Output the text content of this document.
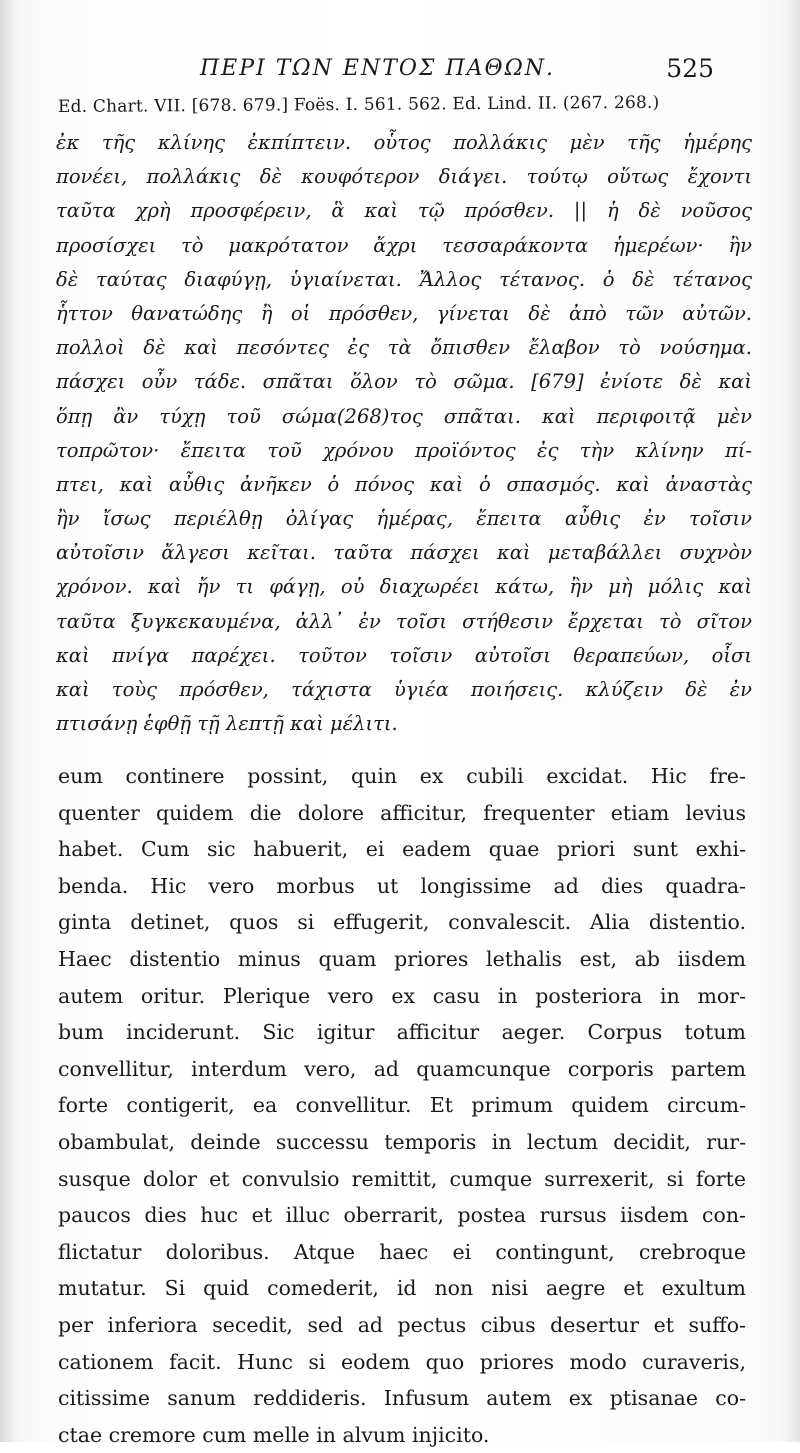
ΠΕΡΙ ΤΩΝ ΕΝΤΟΣ ΠΑΘΩΝ.	525
Ed. Chart. VII. [678. 679.] Foës. I. 561. 562. Ed. Lind. II. (267. 268.)
ἐκ τῆς κλίνης ἐκπίπτειν. οὗτος πολλάκις μὲν τῆς ἡμέρης
πονέει, πολλάκις δὲ κουφότερον διάγει. τούτῳ οὕτως ἔχοντι
ταῦτα χρὴ προσφέρειν, ἃ καὶ τῷ πρόσθεν. || ἡ δὲ νοῦσος
προσίσχει τὸ μακρότατον ἄχρι τεσσαράκοντα ἡμερέων· ἢν
δὲ ταύτας διαφύγῃ, ὑγιαίνεται. Ἄλλος τέτανος. ὁ δὲ τέτανος
ἧττον θανατώδης ἢ οἱ πρόσθεν, γίνεται δὲ ἀπὸ τῶν αὐτῶν.
πολλοὶ δὲ καὶ πεσόντες ἐς τὰ ὄπισθεν ἔλαβον τὸ νούσημα.
πάσχει οὖν τάδε. σπᾶται ὅλον τὸ σῶμα. [679] ἐνίοτε δὲ καὶ
ὅπῃ ἂν τύχῃ τοῦ σώμα(268)τος σπᾶται. καὶ περιφοιτᾷ μὲν
τοπρῶτον· ἔπειτα τοῦ χρόνου προϊόντος ἐς τὴν κλίνην πί-
πτει, καὶ αὖθις ἀνῆκεν ὁ πόνος καὶ ὁ σπασμός. καὶ ἀναστὰς
ἢν ἴσως περιέλθῃ ὀλίγας ἡμέρας, ἔπειτα αὖθις ἐν τοῖσιν
αὐτοῖσιν ἄλγεσι κεῖται. ταῦτα πάσχει καὶ μεταβάλλει συχνὸν
χρόνον. καὶ ἤν τι φάγῃ, οὐ διαχωρέει κάτω, ἢν μὴ μόλις καὶ
ταῦτα ξυγκεκαυμένα, ἀλλ᾽ ἐν τοῖσι στήθεσιν ἔρχεται τὸ σῖτον
καὶ πνίγα παρέχει. τοῦτον τοῖσιν αὐτοῖσι θεραπεύων, οἷσι
καὶ τοὺς πρόσθεν, τάχιστα ὑγιέα ποιήσεις. κλύζειν δὲ ἐν
πτισάνῃ ἑφθῇ τῇ λεπτῇ καὶ μέλιτι.
eum continere possint, quin ex cubili excidat. Hic fre-
quenter quidem die dolore afficitur, frequenter etiam levius
habet. Cum sic habuerit, ei eadem quae priori sunt exhi-
benda. Hic vero morbus ut longissime ad dies quadra-
ginta detinet, quos si effugerit, convalescit. Alia distentio.
Haec distentio minus quam priores lethalis est, ab iisdem
autem oritur. Plerique vero ex casu in posteriora in mor-
bum inciderunt. Sic igitur afficitur aeger. Corpus totum
convellitur, interdum vero, ad quamcunque corporis partem
forte contigerit, ea convellitur. Et primum quidem circum-
obambulat, deinde successu temporis in lectum decidit, rur-
susque dolor et convulsio remittit, cumque surrexerit, si forte
paucos dies huc et illuc oberrarit, postea rursus iisdem con-
flictatur doloribus. Atque haec ei contingunt, crebroque
mutatur. Si quid comederit, id non nisi aegre et exultum
per inferiora secedit, sed ad pectus cibus desertur et suffo-
cationem facit. Hunc si eodem quo priores modo curaveris,
citissime sanum reddideris. Infusum autem ex ptisanae co-
ctae cremore cum melle in alvum injicito.
